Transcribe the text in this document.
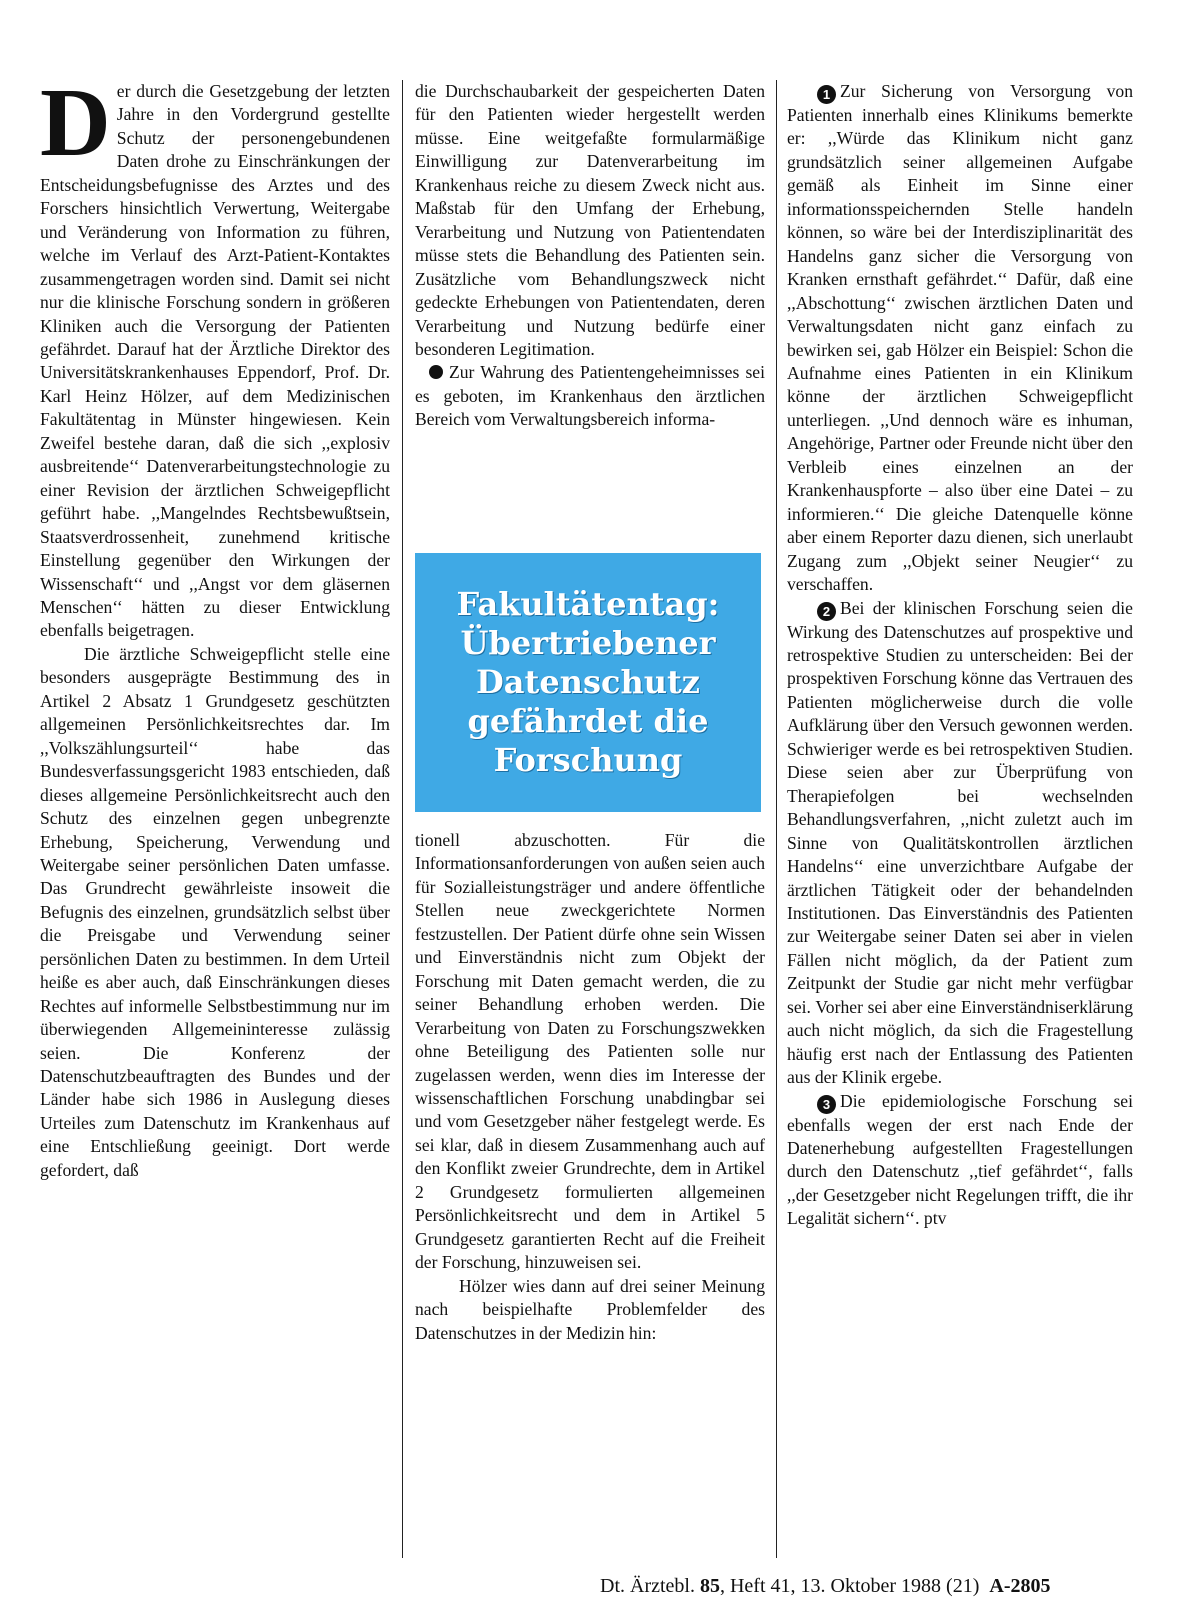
Der durch die Gesetzgebung der letzten Jahre in den Vordergrund gestellte Schutz der personengebundenen Daten drohe zu Einschränkungen der Entscheidungsbefugnisse des Arztes und des Forschers hinsichtlich Verwertung, Weitergabe und Veränderung von Information zu führen, welche im Verlauf des Arzt-Patient-Kontaktes zusammengetragen worden sind. Damit sei nicht nur die klinische Forschung sondern in größeren Kliniken auch die Versorgung der Patienten gefährdet. Darauf hat der Ärztliche Direktor des Universitätskrankenhauses Eppendorf, Prof. Dr. Karl Heinz Hölzer, auf dem Medizinischen Fakultätentag in Münster hingewiesen. Kein Zweifel bestehe daran, daß die sich ,,explosiv ausbreitende‘‘ Datenverarbeitungstechnologie zu einer Revision der ärztlichen Schweigepflicht geführt habe. ,,Mangelndes Rechtsbewußtsein, Staatsverdrossenheit, zunehmend kritische Einstellung gegenüber den Wirkungen der Wissenschaft‘‘ und ,,Angst vor dem gläsernen Menschen‘‘ hätten zu dieser Entwicklung ebenfalls beigetragen.

Die ärztliche Schweigepflicht stelle eine besonders ausgeprägte Bestimmung des in Artikel 2 Absatz 1 Grundgesetz geschützten allgemeinen Persönlichkeitsrechtes dar. Im ,,Volkszählungsurteil‘‘ habe das Bundesverfassungsgericht 1983 entschieden, daß dieses allgemeine Persönlichkeitsrecht auch den Schutz des einzelnen gegen unbegrenzte Erhebung, Speicherung, Verwendung und Weitergabe seiner persönlichen Daten umfasse. Das Grundrecht gewährleiste insoweit die Befugnis des einzelnen, grundsätzlich selbst über die Preisgabe und Verwendung seiner persönlichen Daten zu bestimmen. In dem Urteil heiße es aber auch, daß Einschränkungen dieses Rechtes auf informelle Selbstbestimmung nur im überwiegenden Allgemeininteresse zulässig seien. Die Konferenz der Datenschutzbeauftragten des Bundes und der Länder habe sich 1986 in Auslegung dieses Urteiles zum Datenschutz im Krankenhaus auf eine Entschließung geeinigt. Dort werde gefordert, daß

die Durchschaubarkeit der gespeicherten Daten für den Patienten wieder hergestellt werden müsse. Eine weitgefaßte formularmäßige Einwilligung zur Datenverarbeitung im Krankenhaus reiche zu diesem Zweck nicht aus. Maßstab für den Umfang der Erhebung, Verarbeitung und Nutzung von Patientendaten müsse stets die Behandlung des Patienten sein. Zusätzliche vom Behandlungszweck nicht gedeckte Erhebungen von Patientendaten, deren Verarbeitung und Nutzung bedürfe einer besonderen Legitimation.

Zur Wahrung des Patientengeheimnisses sei es geboten, im Krankenhaus den ärztlichen Bereich vom Verwaltungsbereich informa-

Fakultätentag:
Übertriebener
Datenschutz
gefährdet die
Forschung

tionell abzuschotten. Für die Informationsanforderungen von außen seien auch für Sozialleistungsträger und andere öffentliche Stellen neue zweckgerichtete Normen festzustellen. Der Patient dürfe ohne sein Wissen und Einverständnis nicht zum Objekt der Forschung mit Daten gemacht werden, die zu seiner Behandlung erhoben werden. Die Verarbeitung von Daten zu Forschungszwekken ohne Beteiligung des Patienten solle nur zugelassen werden, wenn dies im Interesse der wissenschaftlichen Forschung unabdingbar sei und vom Gesetzgeber näher festgelegt werde. Es sei klar, daß in diesem Zusammenhang auch auf den Konflikt zweier Grundrechte, dem in Artikel 2 Grundgesetz formulierten allgemeinen Persönlichkeitsrecht und dem in Artikel 5 Grundgesetz garantierten Recht auf die Freiheit der Forschung, hinzuweisen sei.

Hölzer wies dann auf drei seiner Meinung nach beispielhafte Problemfelder des Datenschutzes in der Medizin hin:

1 Zur Sicherung von Versorgung von Patienten innerhalb eines Klinikums bemerkte er: ,,Würde das Klinikum nicht ganz grundsätzlich seiner allgemeinen Aufgabe gemäß als Einheit im Sinne einer informationsspeichernden Stelle handeln können, so wäre bei der Interdisziplinarität des Handelns ganz sicher die Versorgung von Kranken ernsthaft gefährdet.‘‘ Dafür, daß eine ,,Abschottung‘‘ zwischen ärztlichen Daten und Verwaltungsdaten nicht ganz einfach zu bewirken sei, gab Hölzer ein Beispiel: Schon die Aufnahme eines Patienten in ein Klinikum könne der ärztlichen Schweigepflicht unterliegen. ,,Und dennoch wäre es inhuman, Angehörige, Partner oder Freunde nicht über den Verbleib eines einzelnen an der Krankenhauspforte – also über eine Datei – zu informieren.‘‘ Die gleiche Datenquelle könne aber einem Reporter dazu dienen, sich unerlaubt Zugang zum ,,Objekt seiner Neugier‘‘ zu verschaffen.

2 Bei der klinischen Forschung seien die Wirkung des Datenschutzes auf prospektive und retrospektive Studien zu unterscheiden: Bei der prospektiven Forschung könne das Vertrauen des Patienten möglicherweise durch die volle Aufklärung über den Versuch gewonnen werden. Schwieriger werde es bei retrospektiven Studien. Diese seien aber zur Überprüfung von Therapiefolgen bei wechselnden Behandlungsverfahren, ,,nicht zuletzt auch im Sinne von Qualitätskontrollen ärztlichen Handelns‘‘ eine unverzichtbare Aufgabe der ärztlichen Tätigkeit oder der behandelnden Institutionen. Das Einverständnis des Patienten zur Weitergabe seiner Daten sei aber in vielen Fällen nicht möglich, da der Patient zum Zeitpunkt der Studie gar nicht mehr verfügbar sei. Vorher sei aber eine Einverständniserklärung auch nicht möglich, da sich die Fragestellung häufig erst nach der Entlassung des Patienten aus der Klinik ergebe.

3 Die epidemiologische Forschung sei ebenfalls wegen der erst nach Ende der Datenerhebung aufgestellten Fragestellungen durch den Datenschutz ,,tief gefährdet‘‘, falls ,,der Gesetzgeber nicht Regelungen trifft, die ihr Legalität sichern‘‘. ptv

Dt. Ärztebl. 85, Heft 41, 13. Oktober 1988 (21) A-2805
